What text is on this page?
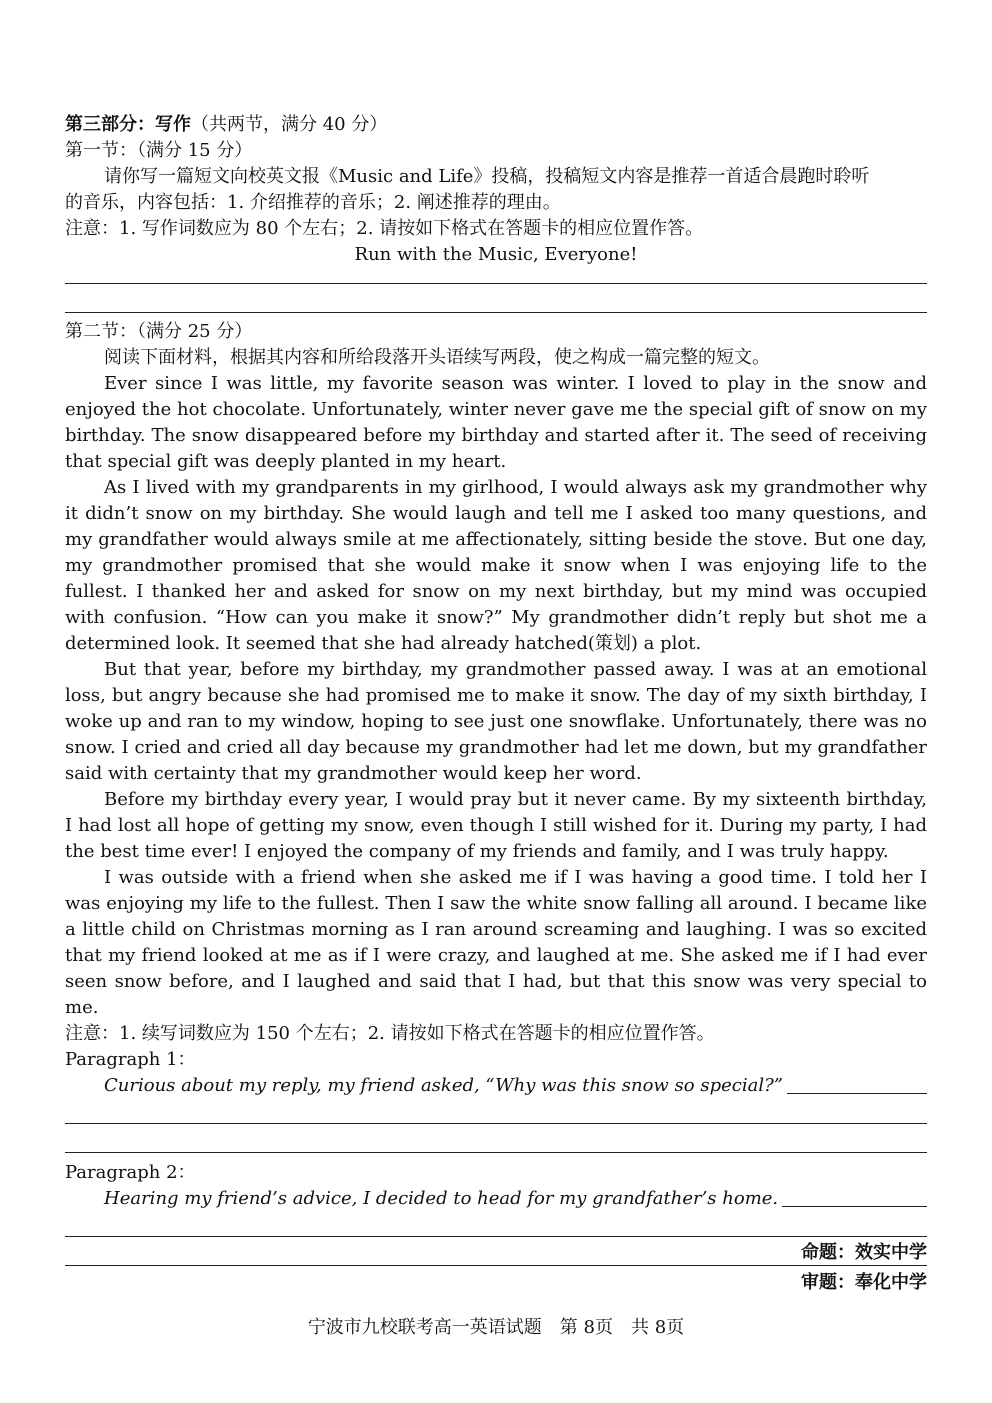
第三部分：写作（共两节，满分 40 分）
第一节：（满分 15 分）
请你写一篇短文向校英文报《Music and Life》投稿，投稿短文内容是推荐一首适合晨跑时聆听
的音乐，内容包括：1. 介绍推荐的音乐；2. 阐述推荐的理由。
注意：1. 写作词数应为 80 个左右；2. 请按如下格式在答题卡的相应位置作答。
Run with the Music, Everyone!
第二节：（满分 25 分）
阅读下面材料，根据其内容和所给段落开头语续写两段，使之构成一篇完整的短文。

Ever since I was little, my favorite season was winter. I loved to play in the snow and enjoyed the hot chocolate. Unfortunately, winter never gave me the special gift of snow on my birthday. The snow disappeared before my birthday and started after it. The seed of receiving that special gift was deeply planted in my heart.

As I lived with my grandparents in my girlhood, I would always ask my grandmother why it didn’t snow on my birthday. She would laugh and tell me I asked too many questions, and my grandfather would always smile at me affectionately, sitting beside the stove. But one day, my grandmother promised that she would make it snow when I was enjoying life to the fullest. I thanked her and asked for snow on my next birthday, but my mind was occupied with confusion. “How can you make it snow?” My grandmother didn’t reply but shot me a determined look. It seemed that she had already hatched(策划) a plot.

But that year, before my birthday, my grandmother passed away. I was at an emotional loss, but angry because she had promised me to make it snow. The day of my sixth birthday, I woke up and ran to my window, hoping to see just one snowflake. Unfortunately, there was no snow. I cried and cried all day because my grandmother had let me down, but my grandfather said with certainty that my grandmother would keep her word.

Before my birthday every year, I would pray but it never came. By my sixteenth birthday, I had lost all hope of getting my snow, even though I still wished for it. During my party, I had the best time ever! I enjoyed the company of my friends and family, and I was truly happy.

I was outside with a friend when she asked me if I was having a good time. I told her I was enjoying my life to the fullest. Then I saw the white snow falling all around. I became like a little child on Christmas morning as I ran around screaming and laughing. I was so excited that my friend looked at me as if I were crazy, and laughed at me. She asked me if I had ever seen snow before, and I laughed and said that I had, but that this snow was very special to me.

注意：1. 续写词数应为 150 个左右；2. 请按如下格式在答题卡的相应位置作答。
Paragraph 1：
Curious about my reply, my friend asked, “Why was this snow so special?”
Paragraph 2：
Hearing my friend’s advice, I decided to head for my grandfather’s home.
命题：效实中学
审题：奉化中学
宁波市九校联考高一英语试题　第 8页　共 8页
